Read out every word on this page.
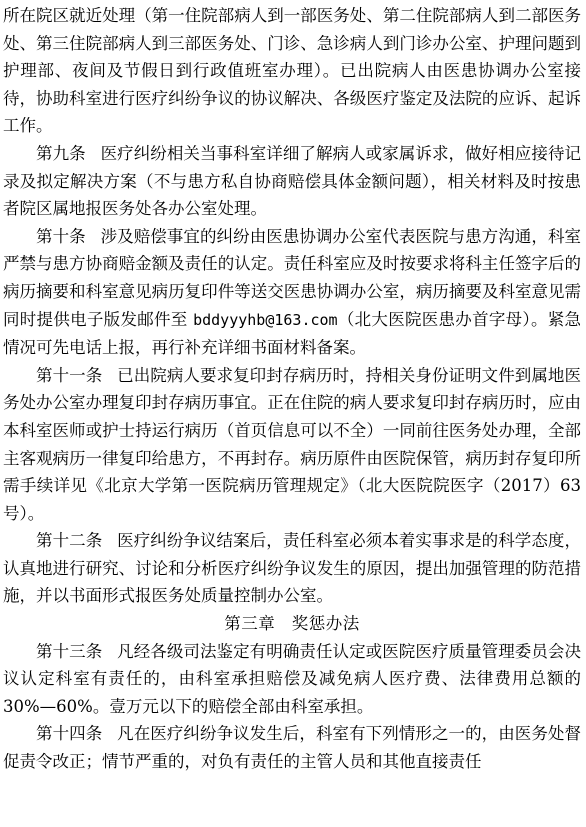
所在院区就近处理（第一住院部病人到一部医务处、第二住院部病人到二部医务处、第三住院部病人到三部医务处、门诊、急诊病人到门诊办公室、护理问题到护理部、夜间及节假日到行政值班室办理）。已出院病人由医患协调办公室接待，协助科室进行医疗纠纷争议的协议解决、各级医疗鉴定及法院的应诉、起诉工作。

第九条 医疗纠纷相关当事科室详细了解病人或家属诉求，做好相应接待记录及拟定解决方案（不与患方私自协商赔偿具体金额问题），相关材料及时按患者院区属地报医务处各办公室处理。

第十条 涉及赔偿事宜的纠纷由医患协调办公室代表医院与患方沟通，科室严禁与患方协商赔金额及责任的认定。责任科室应及时按要求将科主任签字后的病历摘要和科室意见病历复印件等送交医患协调办公室，病历摘要及科室意见需同时提供电子版发邮件至 bddyyyhb@163.com（北大医院医患办首字母）。紧急情况可先电话上报，再行补充详细书面材料备案。

第十一条 已出院病人要求复印封存病历时，持相关身份证明文件到属地医务处办公室办理复印封存病历事宜。正在住院的病人要求复印封存病历时，应由本科室医师或护士持运行病历（首页信息可以不全）一同前往医务处办理，全部主客观病历一律复印给患方，不再封存。病历原件由医院保管，病历封存复印所需手续详见《北京大学第一医院病历管理规定》（北大医院院医字（2017）63号）。

第十二条 医疗纠纷争议结案后，责任科室必须本着实事求是的科学态度，认真地进行研究、讨论和分析医疗纠纷争议发生的原因，提出加强管理的防范措施，并以书面形式报医务处质量控制办公室。

第三章 奖惩办法

第十三条 凡经各级司法鉴定有明确责任认定或医院医疗质量管理委员会决议认定科室有责任的，由科室承担赔偿及减免病人医疗费、法律费用总额的30%—60%。壹万元以下的赔偿全部由科室承担。

第十四条 凡在医疗纠纷争议发生后，科室有下列情形之一的，由医务处督促责令改正；情节严重的，对负有责任的主管人员和其他直接责任
